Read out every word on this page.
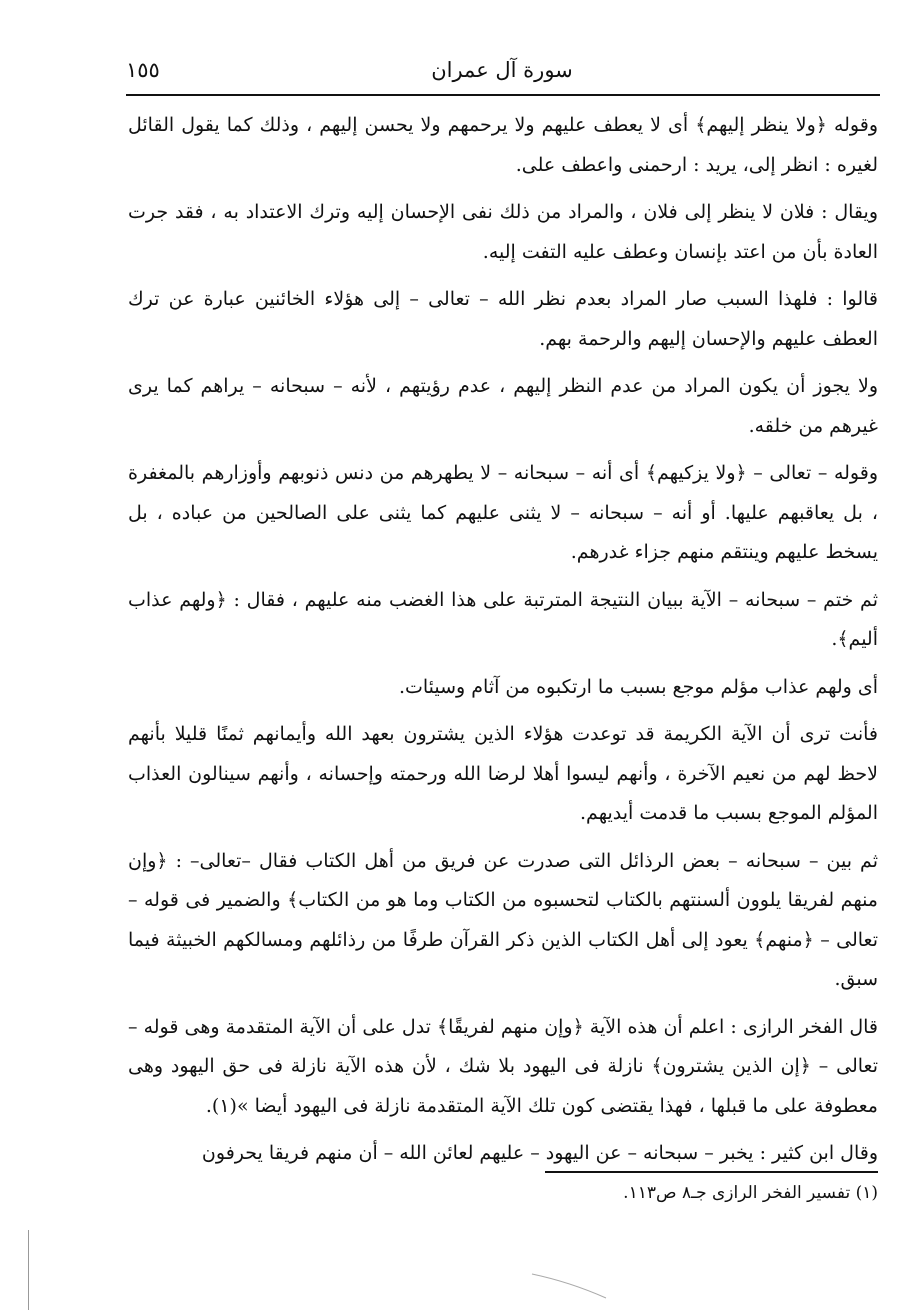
سورة آل عمران
١٥٥

وقوله ﴿ولا ينظر إليهم﴾ أى لا يعطف عليهم ولا يرحمهم ولا يحسن إليهم ، وذلك كما يقول القائل لغيره : انظر إلى، يريد : ارحمنى واعطف على.

ويقال : فلان لا ينظر إلى فلان ، والمراد من ذلك نفى الإحسان إليه وترك الاعتداد به ، فقد جرت العادة بأن من اعتد بإنسان وعطف عليه التفت إليه.

قالوا : فلهذا السبب صار المراد بعدم نظر الله – تعالى – إلى هؤلاء الخائنين عبارة عن ترك العطف عليهم والإحسان إليهم والرحمة بهم.

ولا يجوز أن يكون المراد من عدم النظر إليهم ، عدم رؤيتهم ، لأنه – سبحانه – يراهم كما يرى غيرهم من خلقه.

وقوله – تعالى – ﴿ولا يزكيهم﴾ أى أنه – سبحانه – لا يطهرهم من دنس ذنوبهم وأوزارهم بالمغفرة ، بل يعاقبهم عليها. أو أنه – سبحانه – لا يثنى عليهم كما يثنى على الصالحين من عباده ، بل يسخط عليهم وينتقم منهم جزاء غدرهم.

ثم ختم – سبحانه – الآية ببيان النتيجة المترتبة على هذا الغضب منه عليهم ، فقال : ﴿ولهم عذاب أليم﴾.

أى ولهم عذاب مؤلم موجع بسبب ما ارتكبوه من آثام وسيئات.

فأنت ترى أن الآية الكريمة قد توعدت هؤلاء الذين يشترون بعهد الله وأيمانهم ثمنًا قليلا بأنهم لاحظ لهم من نعيم الآخرة ، وأنهم ليسوا أهلا لرضا الله ورحمته وإحسانه ، وأنهم سينالون العذاب المؤلم الموجع بسبب ما قدمت أيديهم.

ثم بين – سبحانه – بعض الرذائل التى صدرت عن فريق من أهل الكتاب فقال –تعالى– : ﴿وإن منهم لفريقا يلوون ألسنتهم بالكتاب لتحسبوه من الكتاب وما هو من الكتاب﴾ والضمير فى قوله – تعالى – ﴿منهم﴾ يعود إلى أهل الكتاب الذين ذكر القرآن طرفًا من رذائلهم ومسالكهم الخبيثة فيما سبق.

قال الفخر الرازى : اعلم أن هذه الآية ﴿وإن منهم لفريقًا﴾ تدل على أن الآية المتقدمة وهى قوله – تعالى – ﴿إن الذين يشترون﴾ نازلة فى اليهود بلا شك ، لأن هذه الآية نازلة فى حق اليهود وهى معطوفة على ما قبلها ، فهذا يقتضى كون تلك الآية المتقدمة نازلة فى اليهود أيضا »(١).

وقال ابن كثير : يخبر – سبحانه – عن اليهود – عليهم لعائن الله – أن منهم فريقا يحرفون

(١) تفسير الفخر الرازى جـ٨ ص١١٣.
